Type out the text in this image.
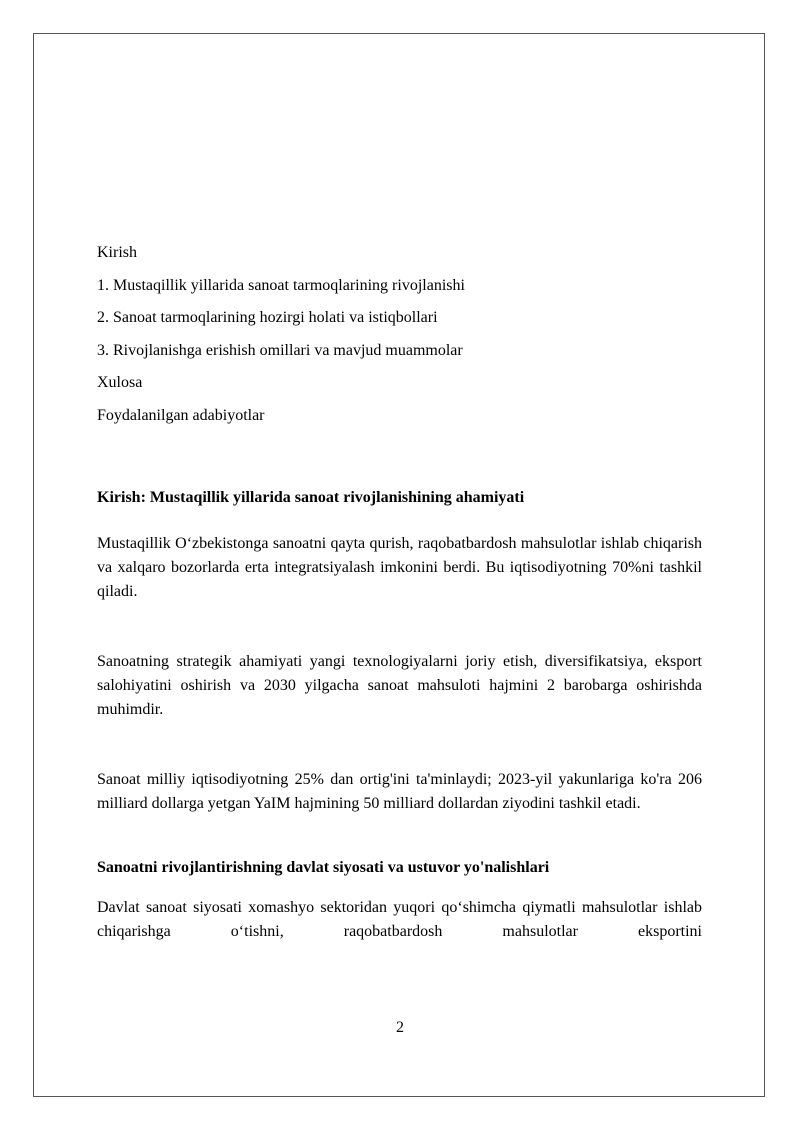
Kirish
1. Mustaqillik yillarida sanoat tarmoqlarining rivojlanishi
2. Sanoat tarmoqlarining hozirgi holati va istiqbollari
3. Rivojlanishga erishish omillari va mavjud muammolar
Xulosa
Foydalanilgan adabiyotlar
Kirish: Mustaqillik yillarida sanoat rivojlanishining ahamiyati
Mustaqillik O‘zbekistonga sanoatni qayta qurish, raqobatbardosh mahsulotlar ishlab chiqarish va xalqaro bozorlarda erta integratsiyalash imkonini berdi. Bu iqtisodiyotning 70%ni tashkil qiladi.
Sanoatning strategik ahamiyati yangi texnologiyalarni joriy etish, diversifikatsiya, eksport salohiyatini oshirish va 2030 yilgacha sanoat mahsuloti hajmini 2 barobarga oshirishda muhimdir.
Sanoat milliy iqtisodiyotning 25% dan ortig'ini ta'minlaydi; 2023-yil yakunlariga ko'ra 206 milliard dollarga yetgan YaIM hajmining 50 milliard dollardan ziyodini tashkil etadi.
Sanoatni rivojlantirishning davlat siyosati va ustuvor yo'nalishlari
Davlat sanoat siyosati xomashyo sektoridan yuqori qo‘shimcha qiymatli mahsulotlar ishlab chiqarishga o‘tishni, raqobatbardosh mahsulotlar eksportini
2
